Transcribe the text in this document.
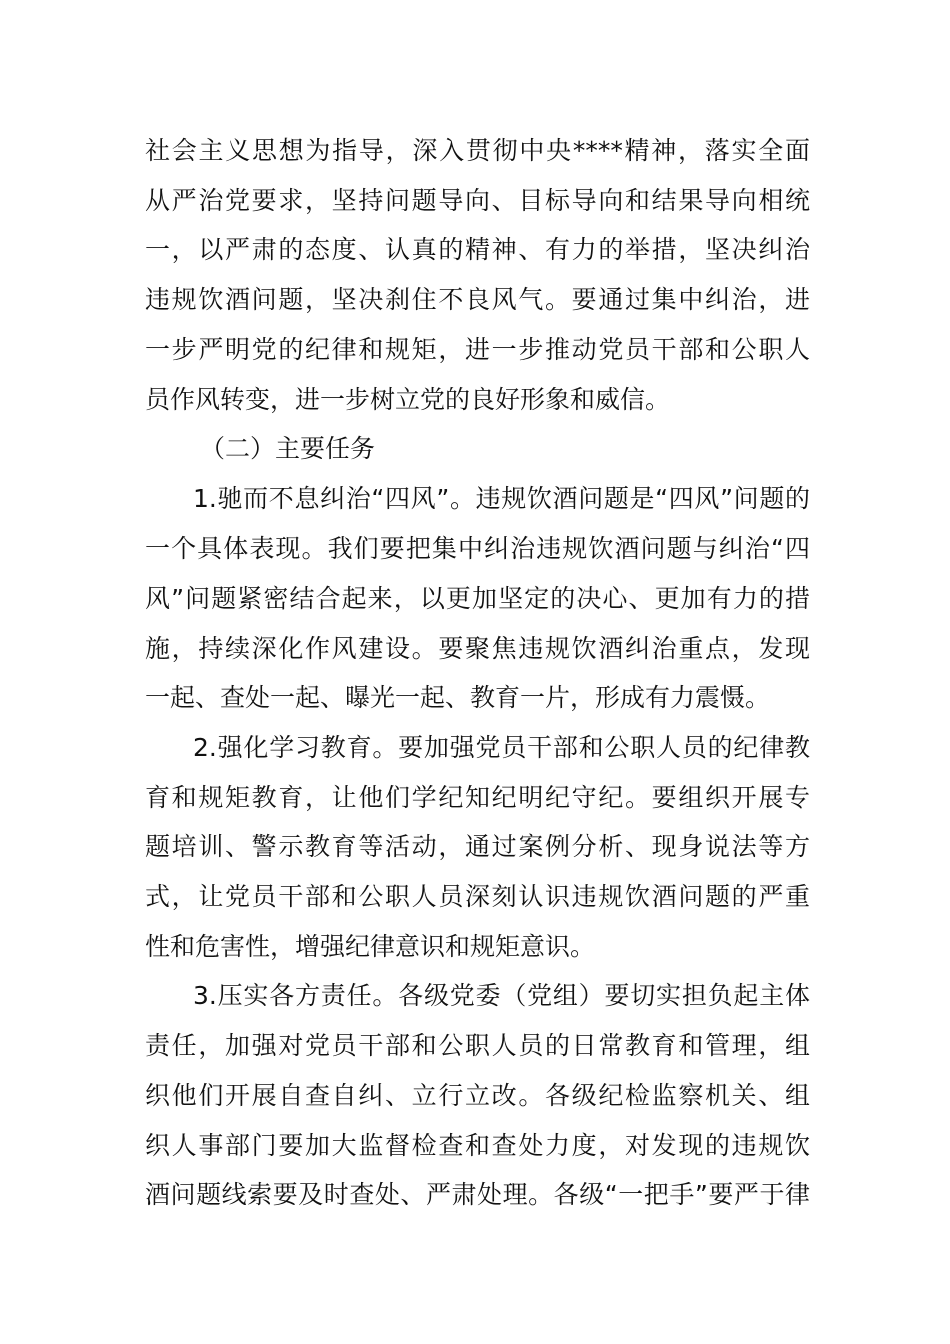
社会主义思想为指导，深入贯彻中央****精神，落实全面
从严治党要求，坚持问题导向、目标导向和结果导向相统
一，以严肃的态度、认真的精神、有力的举措，坚决纠治
违规饮酒问题，坚决刹住不良风气。要通过集中纠治，进
一步严明党的纪律和规矩，进一步推动党员干部和公职人
员作风转变，进一步树立党的良好形象和威信。
（二）主要任务
1.驰而不息纠治“四风”。违规饮酒问题是“四风”问题的
一个具体表现。我们要把集中纠治违规饮酒问题与纠治“四
风”问题紧密结合起来，以更加坚定的决心、更加有力的措
施，持续深化作风建设。要聚焦违规饮酒纠治重点，发现
一起、查处一起、曝光一起、教育一片，形成有力震慑。
2.强化学习教育。要加强党员干部和公职人员的纪律教
育和规矩教育，让他们学纪知纪明纪守纪。要组织开展专
题培训、警示教育等活动，通过案例分析、现身说法等方
式，让党员干部和公职人员深刻认识违规饮酒问题的严重
性和危害性，增强纪律意识和规矩意识。
3.压实各方责任。各级党委（党组）要切实担负起主体
责任，加强对党员干部和公职人员的日常教育和管理，组
织他们开展自查自纠、立行立改。各级纪检监察机关、组
织人事部门要加大监督检查和查处力度，对发现的违规饮
酒问题线索要及时查处、严肃处理。各级“一把手”要严于律
